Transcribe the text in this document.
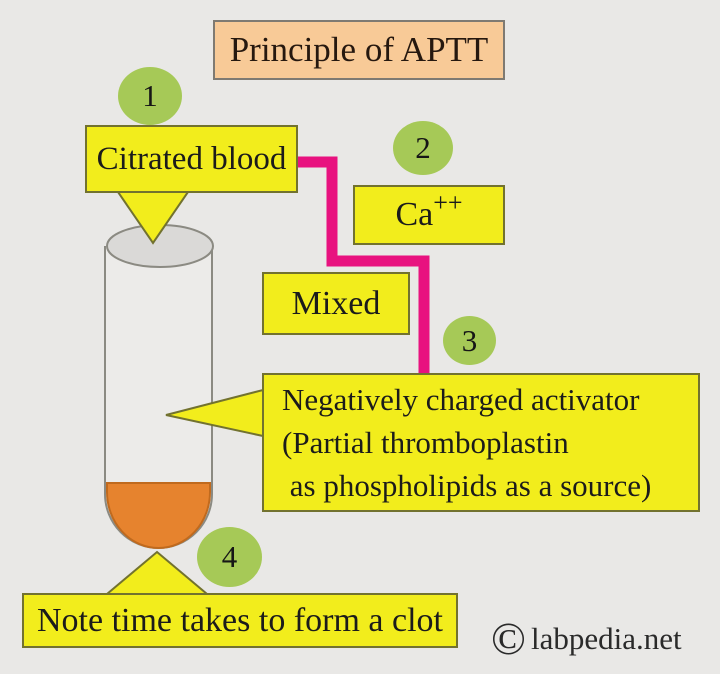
Principle of APTT
1
2
3
4
Citrated blood
Ca ++
Mixed
Negatively charged activator
(Partial thromboplastin
as phospholipids as a source)
Note time takes to form a clot © labpedia.net
